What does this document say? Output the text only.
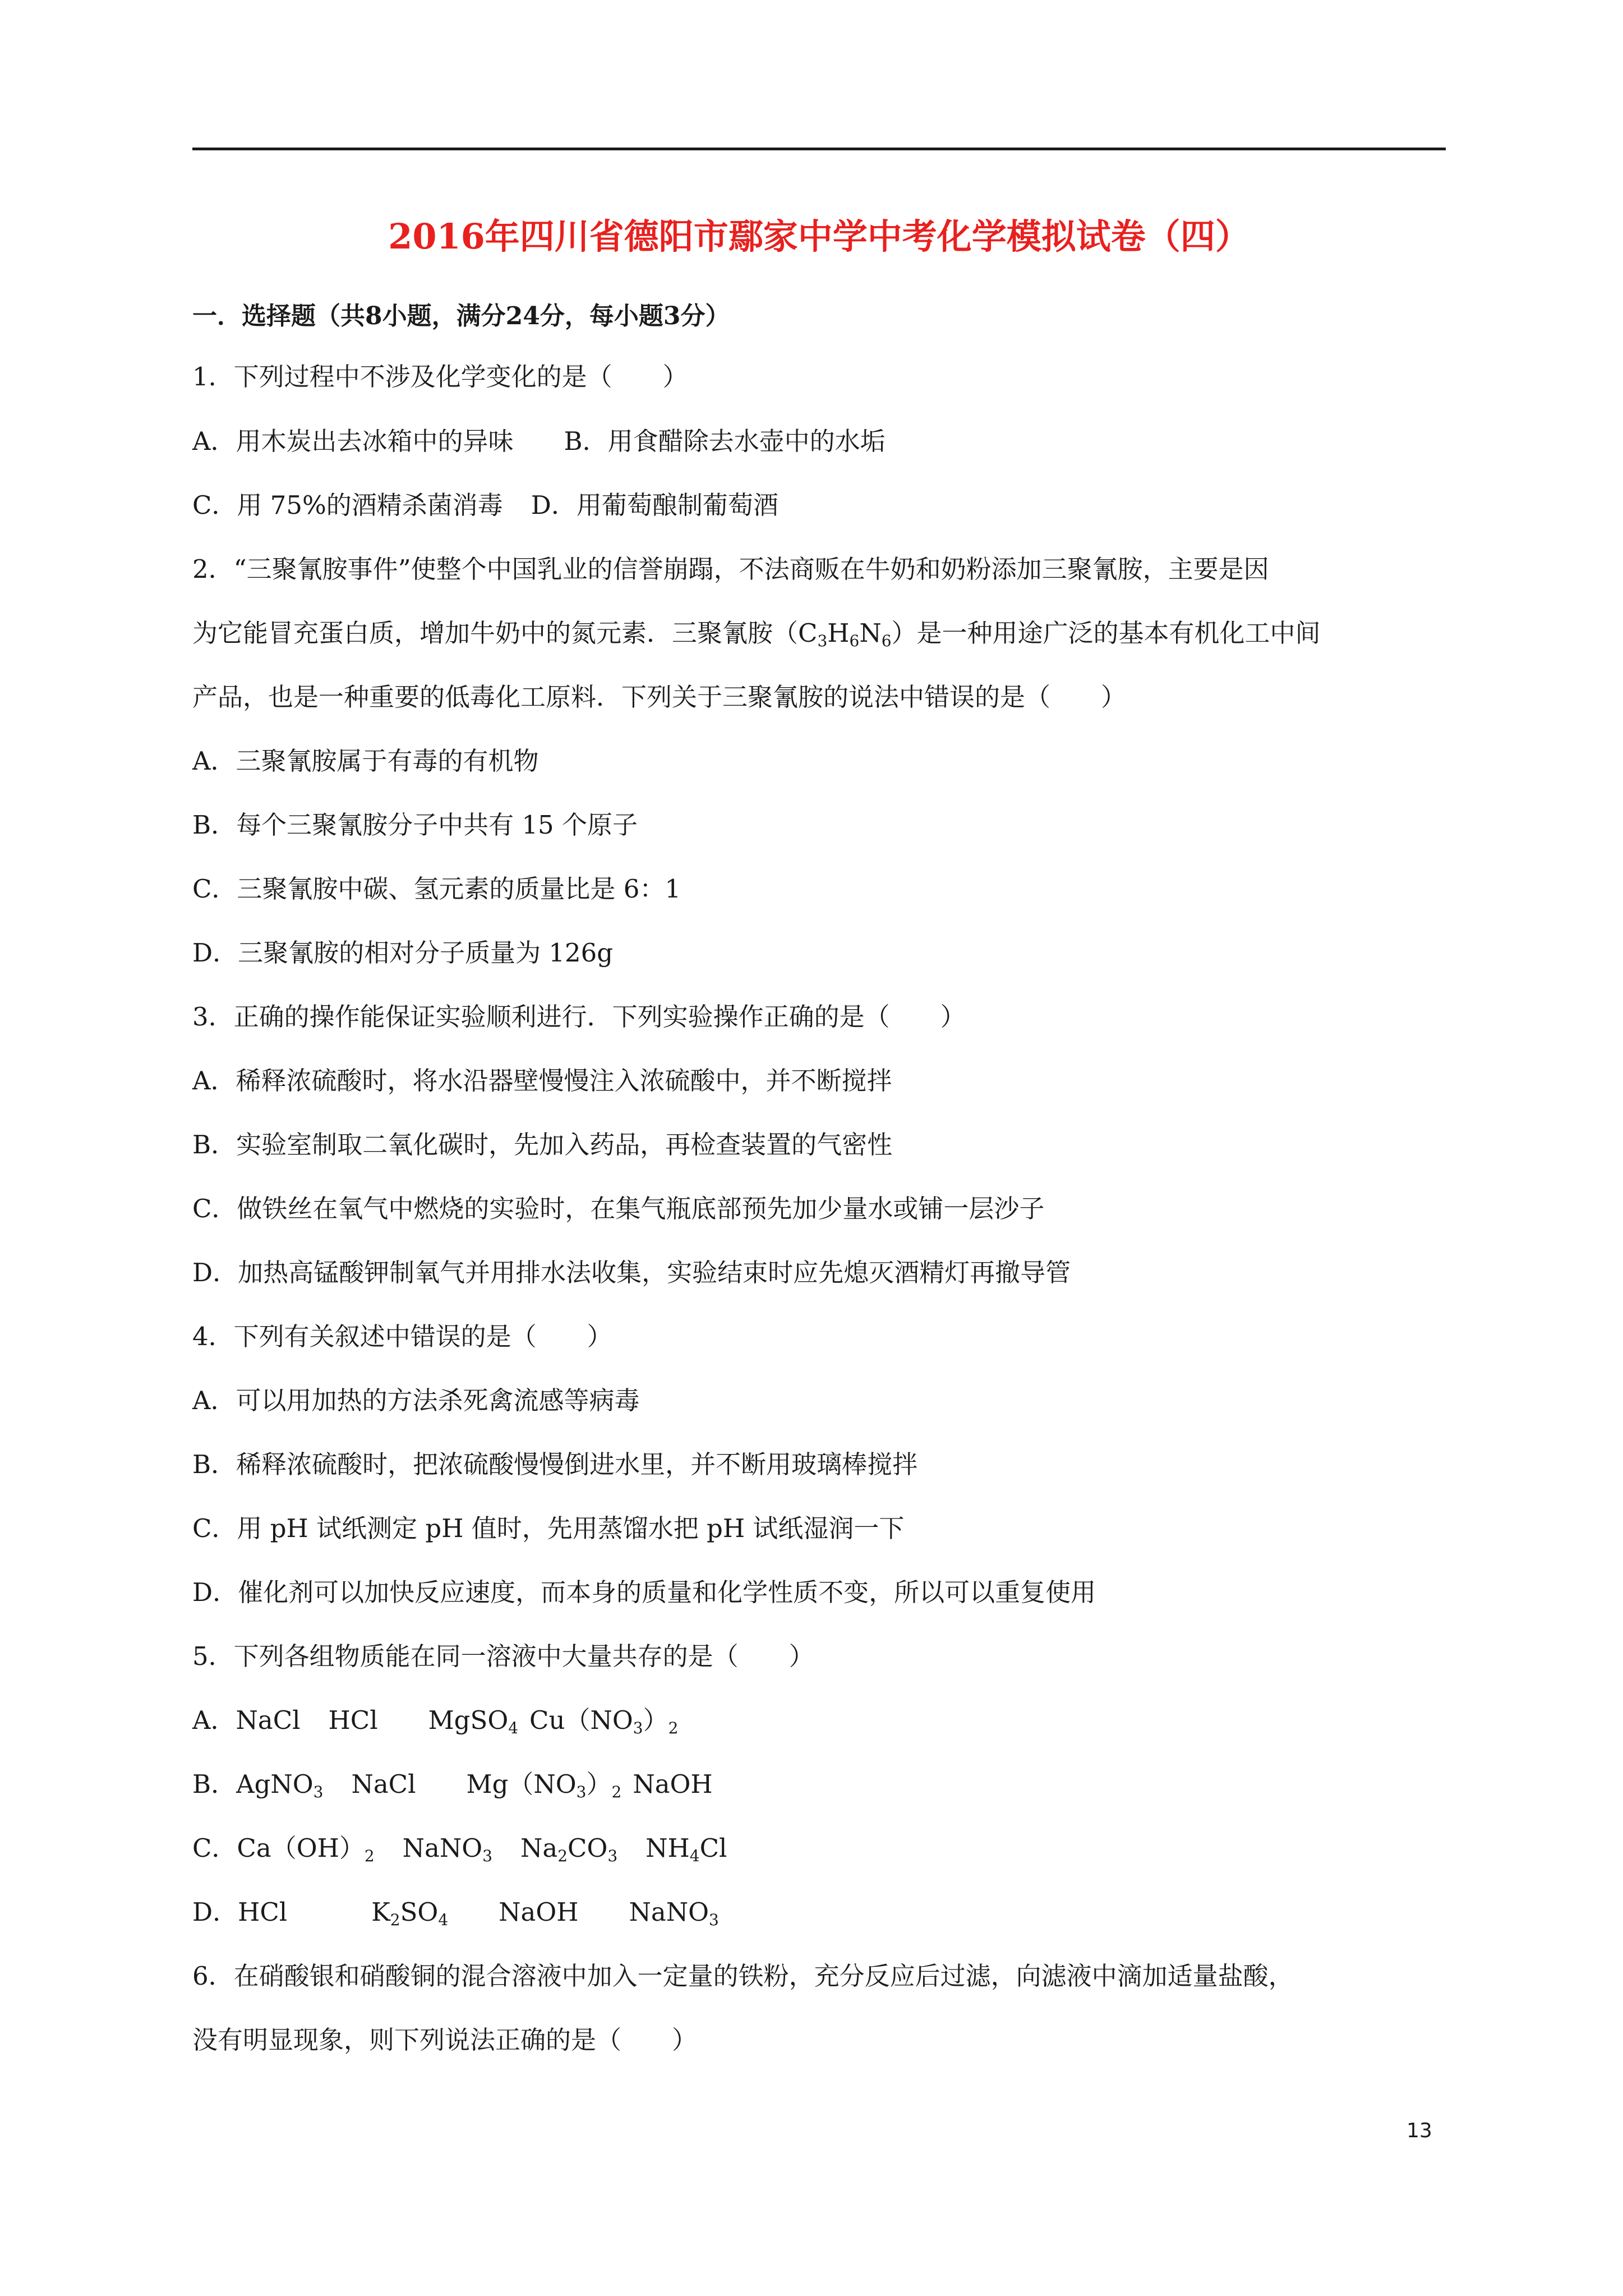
2016年四川省德阳市鄢家中学中考化学模拟试卷（四）
一．选择题（共8小题，满分24分，每小题3分）
1．下列过程中不涉及化学变化的是（　　）
A．用木炭出去冰箱中的异味 B．用食醋除去水壶中的水垢
C．用 75%的酒精杀菌消毒 D．用葡萄酿制葡萄酒
2．“三聚氰胺事件”使整个中国乳业的信誉崩蹋，不法商贩在牛奶和奶粉添加三聚氰胺，主要是因
为它能冒充蛋白质，增加牛奶中的氮元素．三聚氰胺$(C_3H_6N_6)$是一种用途广泛的基本有机化工中间
产品，也是一种重要的低毒化工原料．下列关于三聚氰胺的说法中错误的是（　　）
A．三聚氰胺属于有毒的有机物
B．每个三聚氰胺分子中共有 15 个原子
C．三聚氰胺中碳、氢元素的质量比是 6：1
D．三聚氰胺的相对分子质量为 126g
3．正确的操作能保证实验顺利进行．下列实验操作正确的是（　　）
A．稀释浓硫酸时，将水沿器壁慢慢注入浓硫酸中，并不断搅拌
B．实验室制取二氧化碳时，先加入药品，再检查装置的气密性
C．做铁丝在氧气中燃烧的实验时，在集气瓶底部预先加少量水或铺一层沙子
D．加热高锰酸钾制氧气并用排水法收集，实验结束时应先熄灭酒精灯再撤导管
4．下列有关叙述中错误的是（　　）
A．可以用加热的方法杀死禽流感等病毒
B．稀释浓硫酸时，把浓硫酸慢慢倒进水里，并不断用玻璃棒搅拌
C．用 pH 试纸测定 pH 值时，先用蒸馏水把 pH 试纸湿润一下
D．催化剂可以加快反应速度，而本身的质量和化学性质不变，所以可以重复使用
5．下列各组物质能在同一溶液中大量共存的是（　　）
A．NaCl HCl MgSO$_4$ $Cu(NO_3)_2$
B．AgNO$_3$ NaCl $Mg(NO_3)_2$ NaOH
C．$Ca(OH)_2$ NaNO$_3$ $Na_2CO_3$ $NH_4Cl$
D．HCl	$K_2SO_4$ NaOH NaNO$_3$
6．在硝酸银和硝酸铜的混合溶液中加入一定量的铁粉，充分反应后过滤，向滤液中滴加适量盐酸，
没有明显现象，则下列说法正确的是（　　）
13
